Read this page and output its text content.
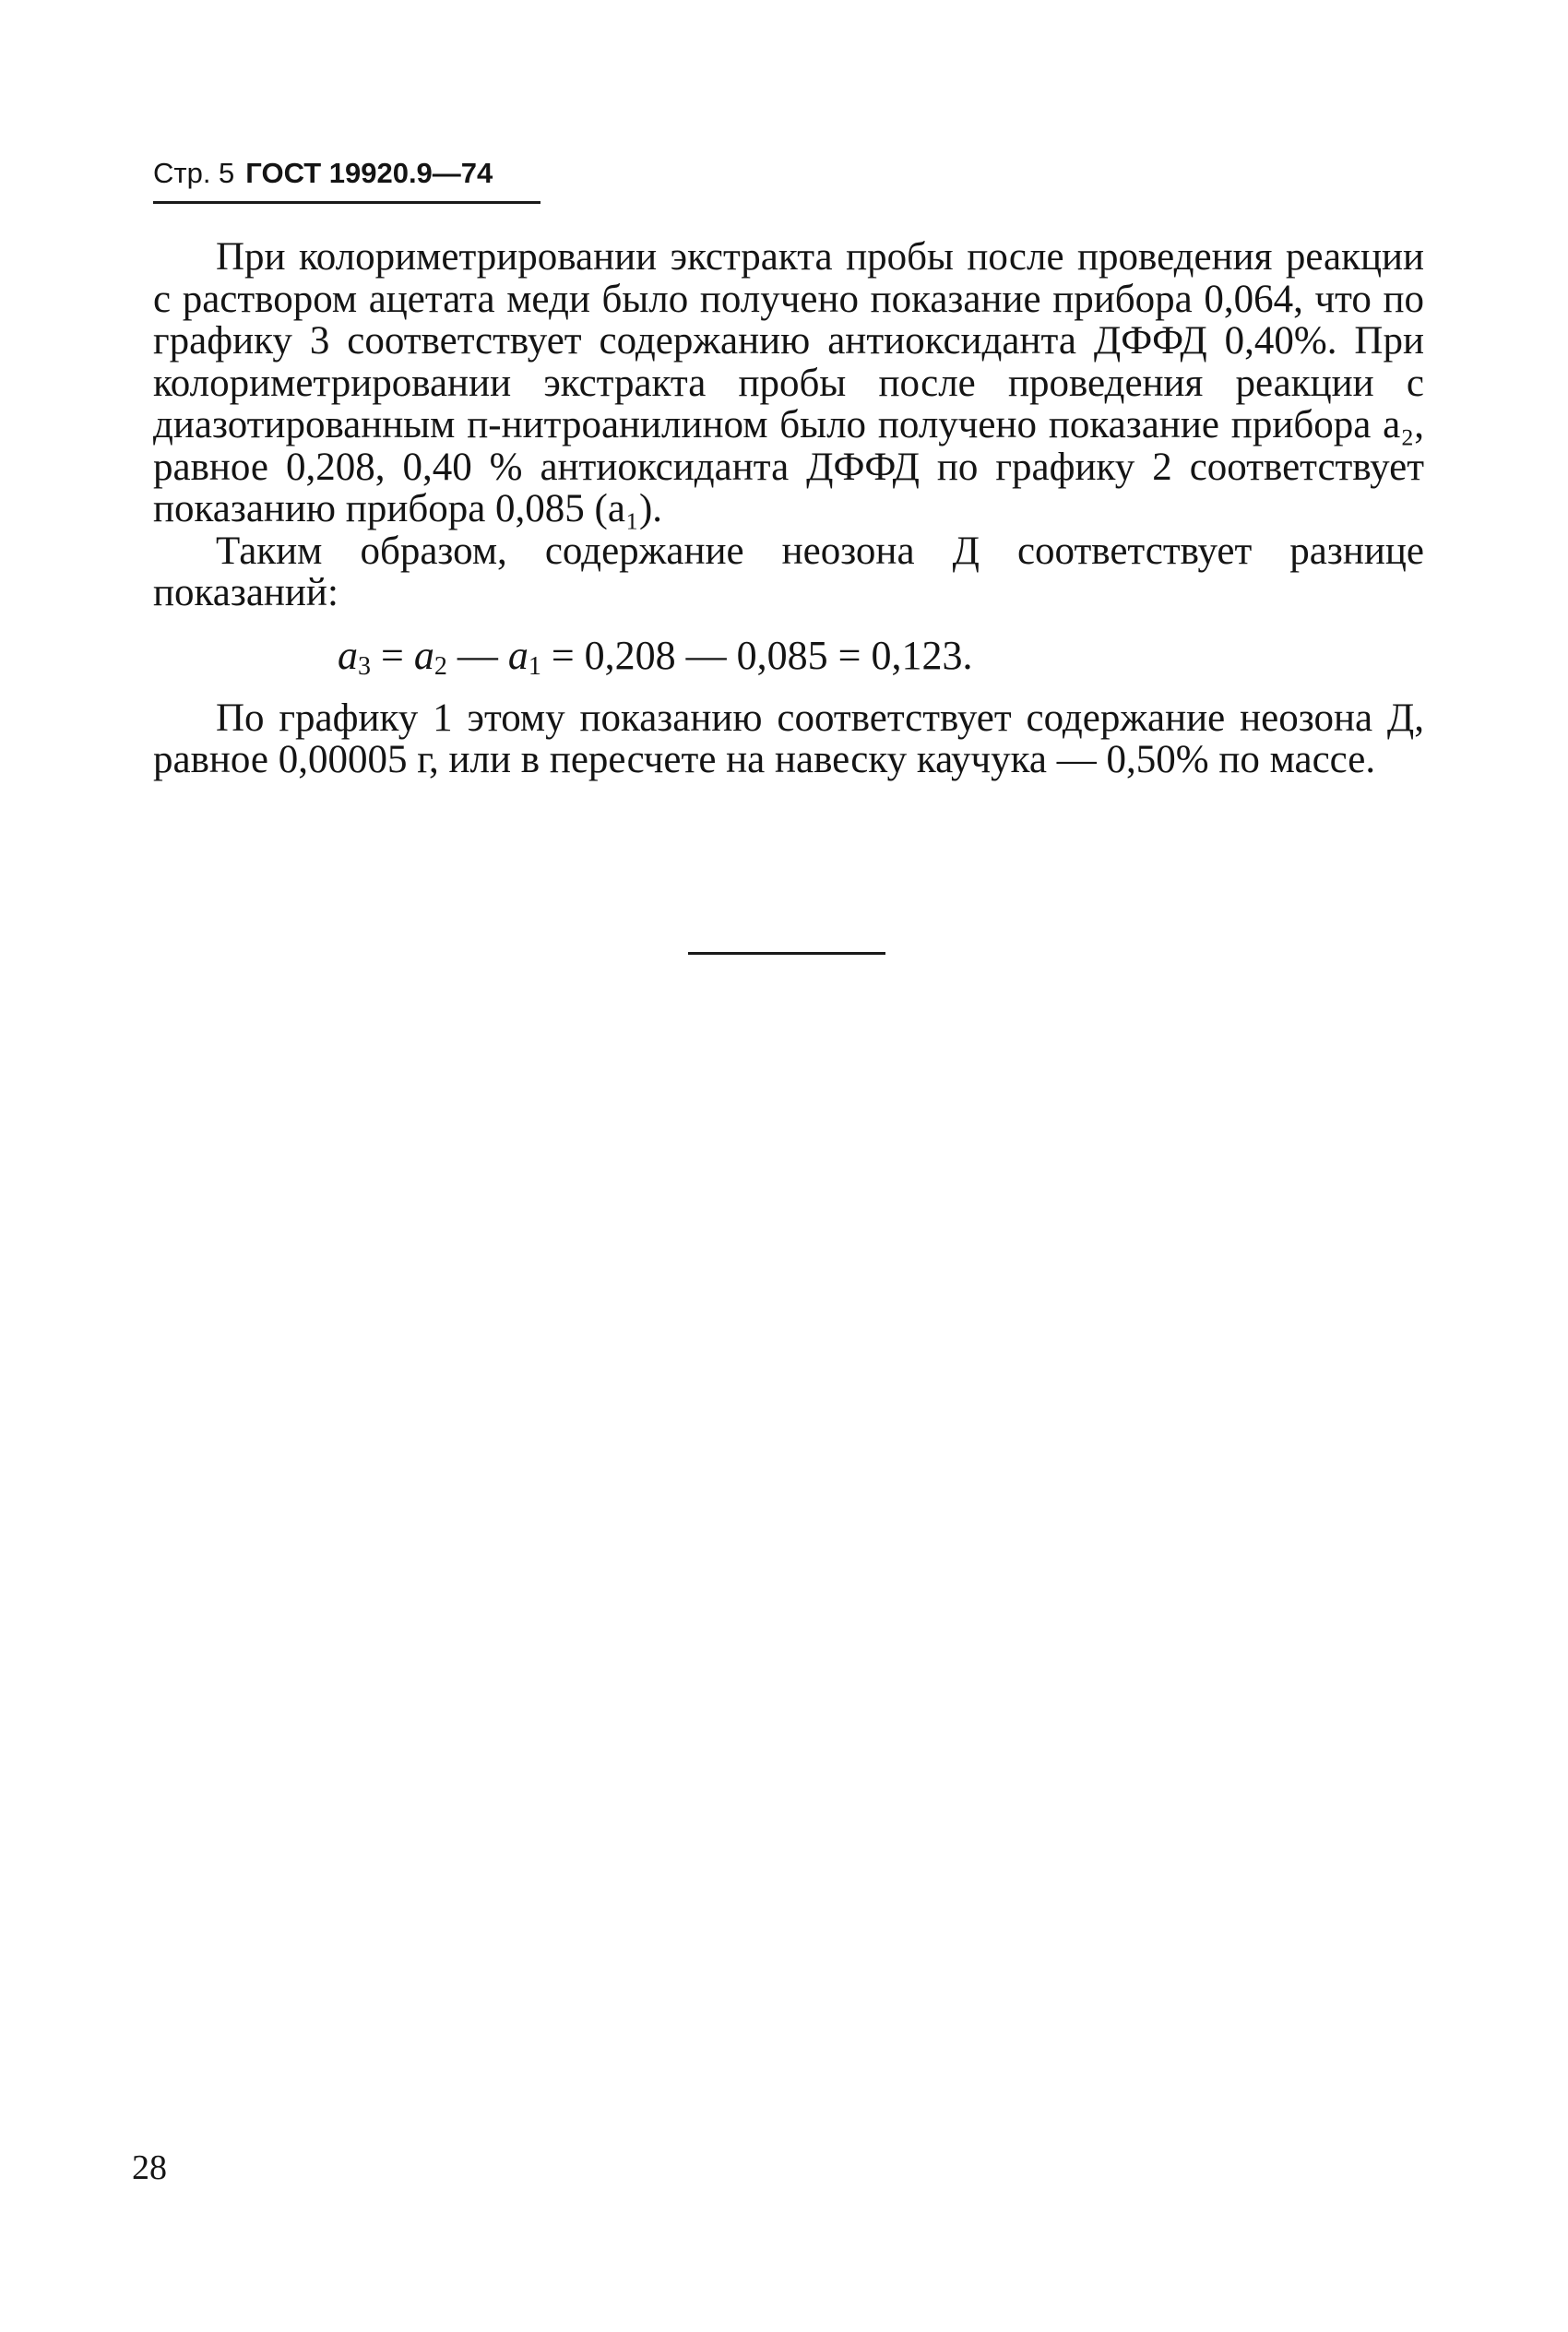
Стр. 5 ГОСТ 19920.9—74

При колориметрировании экстракта пробы после проведения реакции с раствором ацетата меди было получено показание прибора 0,064, что по графику 3 соответствует содержанию антиоксиданта ДФФД 0,40%. При колориметрировании экстракта пробы после проведения реакции с диазотированным п-нитроанилином было получено показание прибора а₂, равное 0,208, 0,40 % антиоксиданта ДФФД по графику 2 соответствует показанию прибора 0,085 (а₁).

Таким образом, содержание неозона Д соответствует разнице показаний:

$a_3 = a_2$ — $a_1 = 0,208$ — 0,085 = 0,123.

По графику 1 этому показанию соответствует содержание неозона Д, равное 0,00005 г, или в пересчете на навеску каучука — 0,50% по массе.

28
